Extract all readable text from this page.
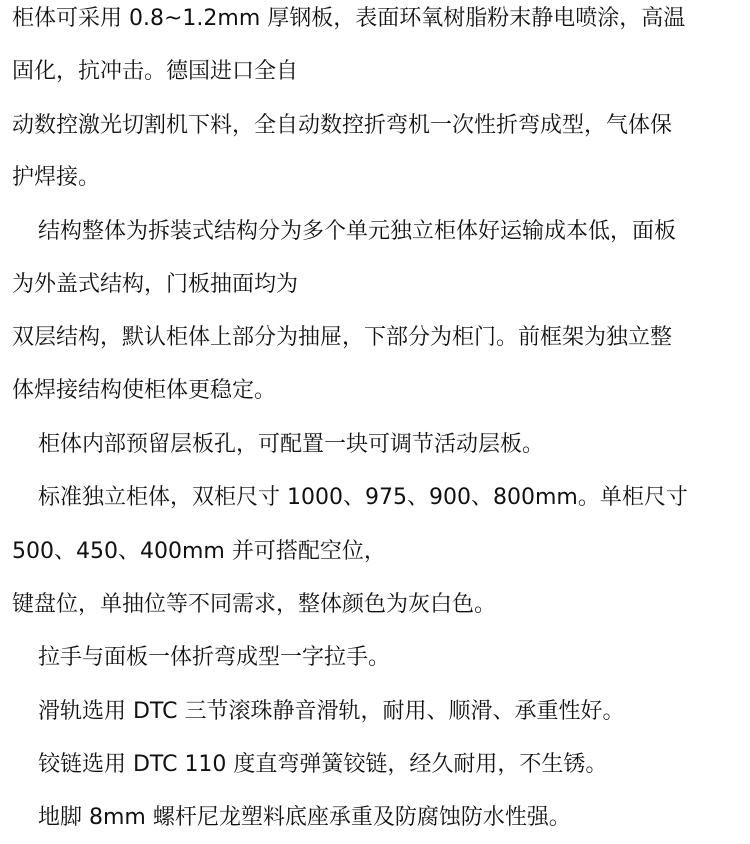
柜体可采用 0.8~1.2mm 厚钢板，表面环氧树脂粉末静电喷涂，高温
固化，抗冲击。德国进口全自
动数控激光切割机下料，全自动数控折弯机一次性折弯成型，气体保
护焊接。
结构整体为拆装式结构分为多个单元独立柜体好运输成本低，面板
为外盖式结构，门板抽面均为
双层结构，默认柜体上部分为抽屉，下部分为柜门。前框架为独立整
体焊接结构使柜体更稳定。
柜体内部预留层板孔，可配置一块可调节活动层板。
标准独立柜体，双柜尺寸 1000、975、900、800mm。单柜尺寸
500、450、400mm 并可搭配空位，
键盘位，单抽位等不同需求，整体颜色为灰白色。
拉手与面板一体折弯成型一字拉手。
滑轨选用 DTC 三节滚珠静音滑轨，耐用、顺滑、承重性好。
铰链选用 DTC 110 度直弯弹簧铰链，经久耐用，不生锈。
地脚 8mm 螺杆尼龙塑料底座承重及防腐蚀防水性强。
